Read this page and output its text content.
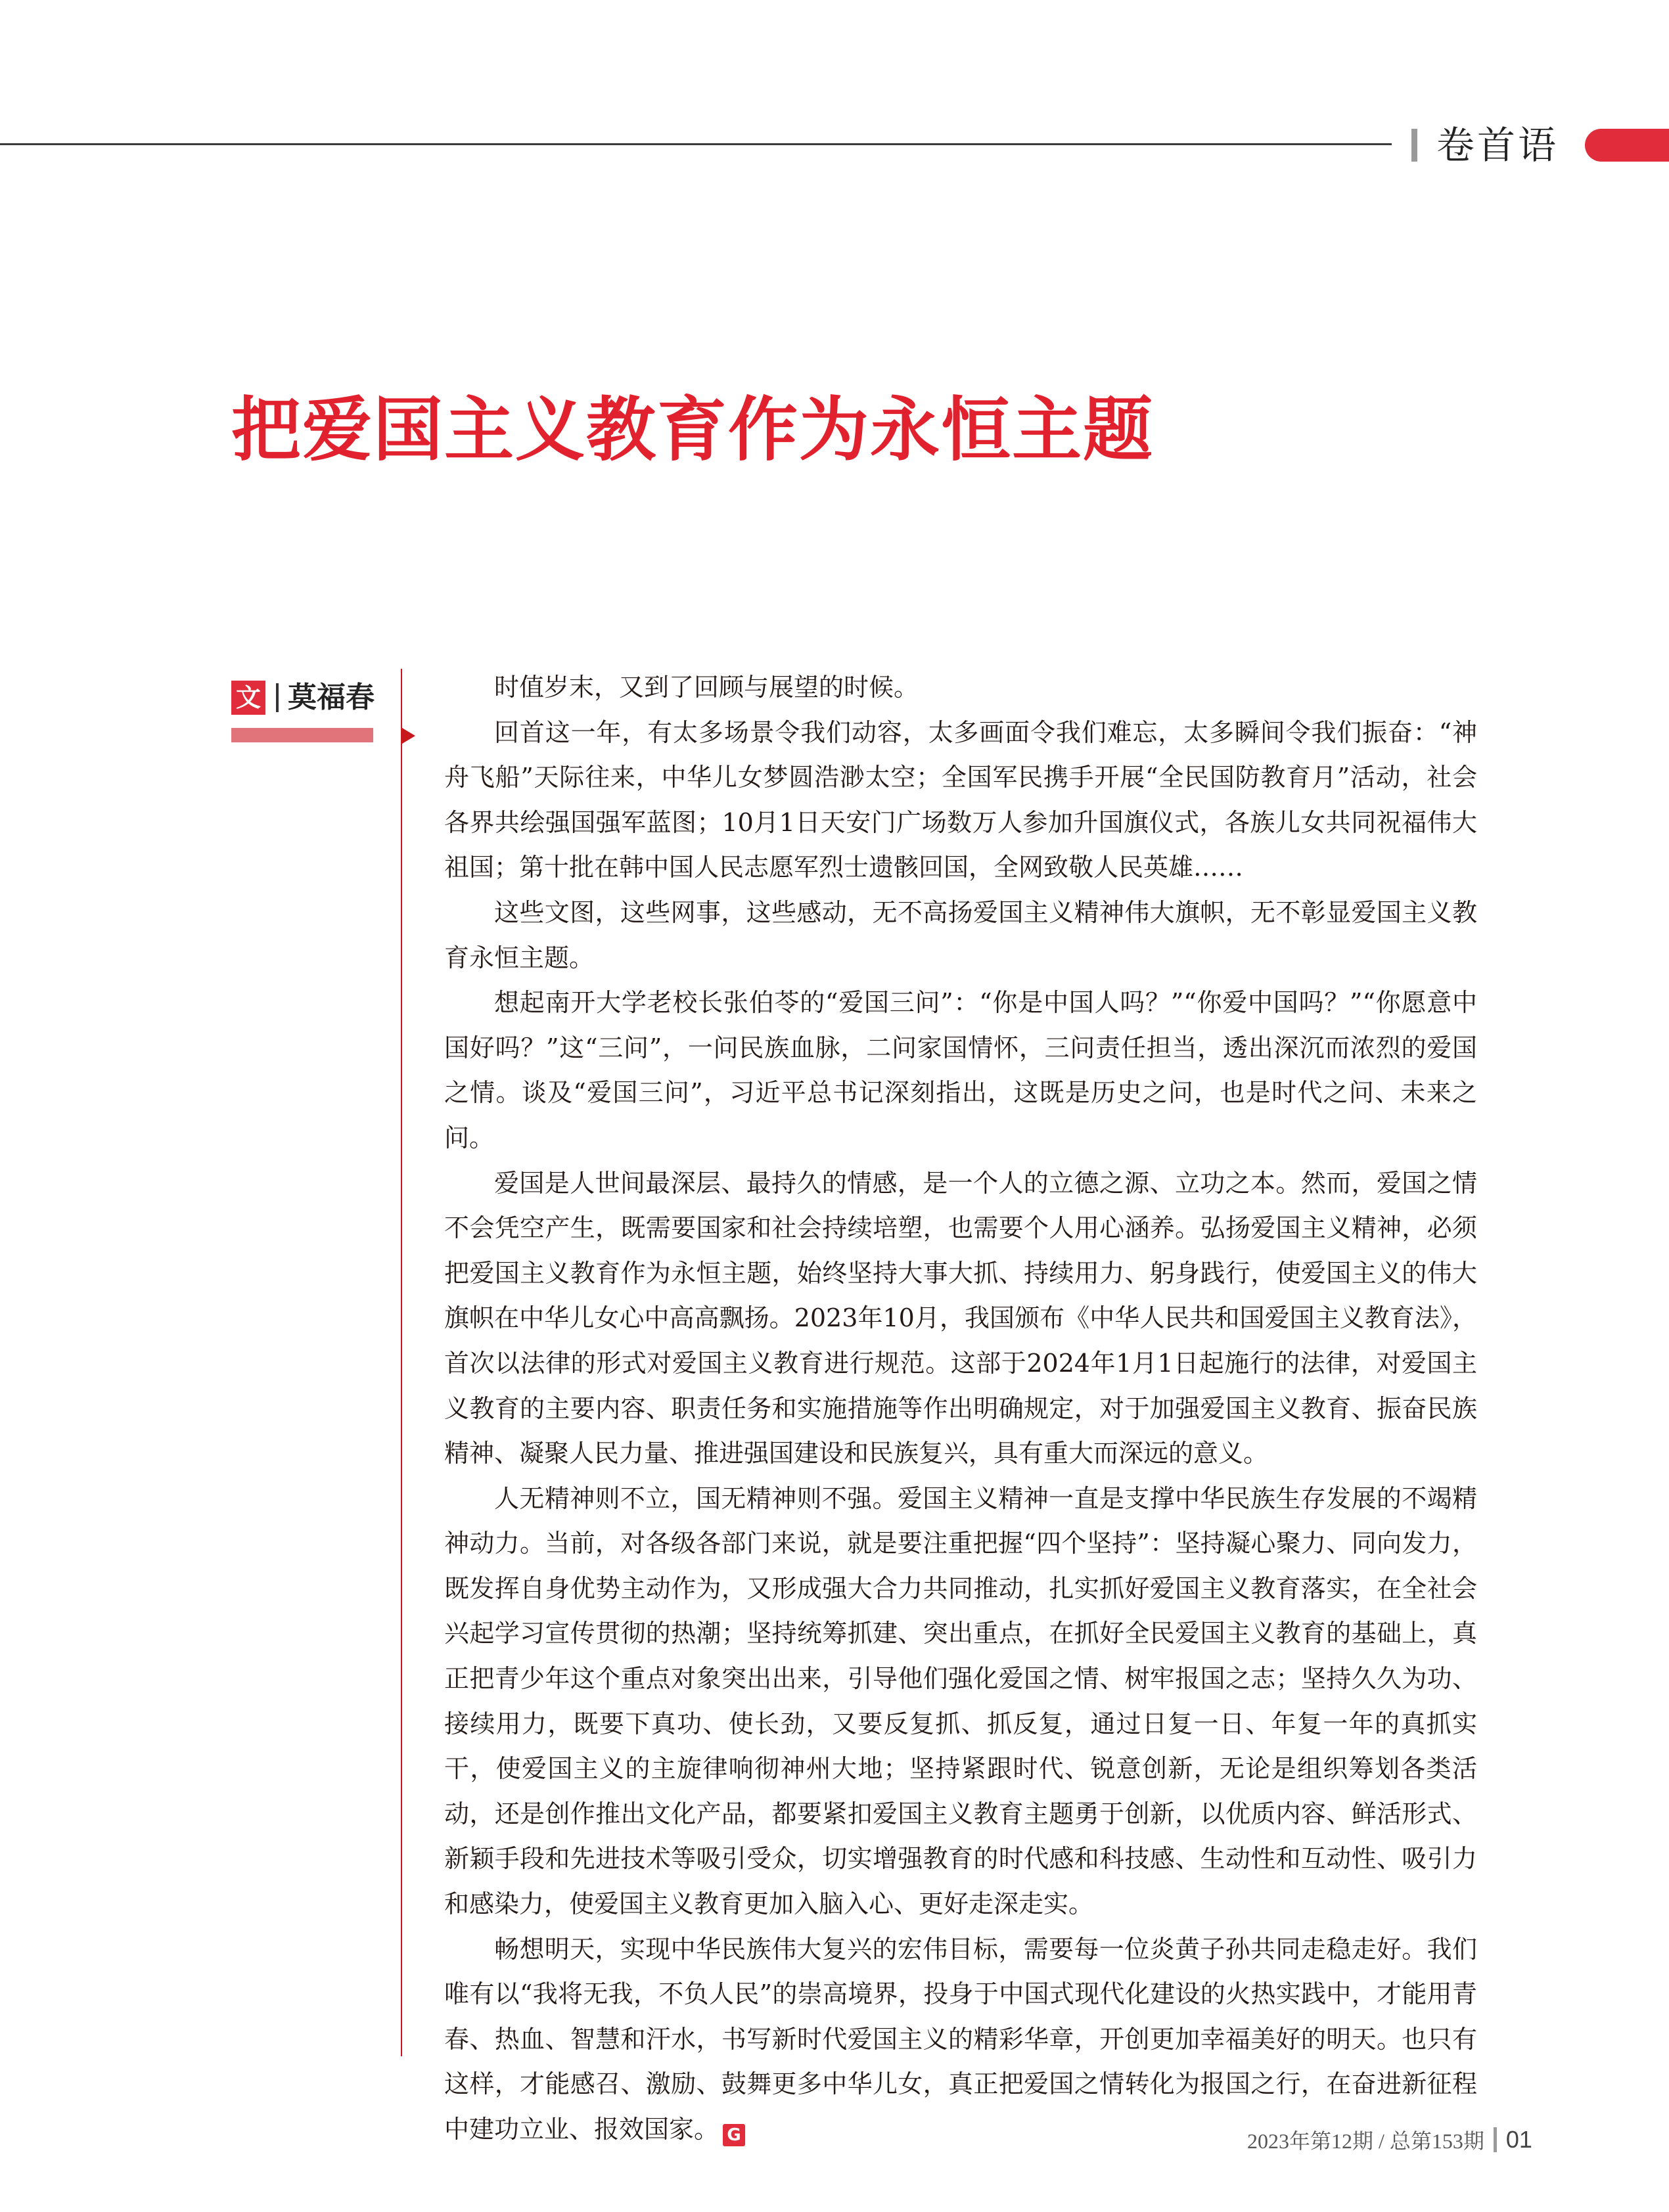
卷首语
把爱国主义教育作为永恒主题
文 莫福春	时值岁末，又到了回顾与展望的时候。

回首这一年，有太多场景令我们动容，太多画面令我们难忘，太多瞬间令我们振奋：“神舟飞船”天际往来，中华儿女梦圆浩渺太空；全国军民携手开展“全民国防教育月”活动，社会各界共绘强国强军蓝图；10月1日天安门广场数万人参加升国旗仪式，各族儿女共同祝福伟大祖国；第十批在韩中国人民志愿军烈士遗骸回国，全网致敬人民英雄……

这些文图，这些网事，这些感动，无不高扬爱国主义精神伟大旗帜，无不彰显爱国主义教育永恒主题。

想起南开大学老校长张伯苓的“爱国三问”：“你是中国人吗？”“你爱中国吗？”“你愿意中国好吗？”这“三问”，一问民族血脉，二问家国情怀，三问责任担当，透出深沉而浓烈的爱国之情。谈及“爱国三问”，习近平总书记深刻指出，这既是历史之问，也是时代之问、未来之问。

爱国是人世间最深层、最持久的情感，是一个人的立德之源、立功之本。然而，爱国之情不会凭空产生，既需要国家和社会持续培塑，也需要个人用心涵养。弘扬爱国主义精神，必须把爱国主义教育作为永恒主题，始终坚持大事大抓、持续用力、躬身践行，使爱国主义的伟大旗帜在中华儿女心中高高飘扬。2023年10月，我国颁布《中华人民共和国爱国主义教育法》，首次以法律的形式对爱国主义教育进行规范。这部于2024年1月1日起施行的法律，对爱国主义教育的主要内容、职责任务和实施措施等作出明确规定，对于加强爱国主义教育、振奋民族精神、凝聚人民力量、推进强国建设和民族复兴，具有重大而深远的意义。

人无精神则不立，国无精神则不强。爱国主义精神一直是支撑中华民族生存发展的不竭精神动力。当前，对各级各部门来说，就是要注重把握“四个坚持”：坚持凝心聚力、同向发力，既发挥自身优势主动作为，又形成强大合力共同推动，扎实抓好爱国主义教育落实，在全社会兴起学习宣传贯彻的热潮；坚持统筹抓建、突出重点，在抓好全民爱国主义教育的基础上，真正把青少年这个重点对象突出出来，引导他们强化爱国之情、树牢报国之志；坚持久久为功、接续用力，既要下真功、使长劲，又要反复抓、抓反复，通过日复一日、年复一年的真抓实干，使爱国主义的主旋律响彻神州大地；坚持紧跟时代、锐意创新，无论是组织筹划各类活动，还是创作推出文化产品，都要紧扣爱国主义教育主题勇于创新，以优质内容、鲜活形式、新颖手段和先进技术等吸引受众，切实增强教育的时代感和科技感、生动性和互动性、吸引力和感染力，使爱国主义教育更加入脑入心、更好走深走实。

畅想明天，实现中华民族伟大复兴的宏伟目标，需要每一位炎黄子孙共同走稳走好。我们唯有以“我将无我，不负人民”的崇高境界，投身于中国式现代化建设的火热实践中，才能用青春、热血、智慧和汗水，书写新时代爱国主义的精彩华章，开创更加幸福美好的明天。也只有这样，才能感召、激励、鼓舞更多中华儿女，真正把爱国之情转化为报国之行，在奋进新征程中建功立业、报效国家。 G	2023年第12期 / 总第153期 01
